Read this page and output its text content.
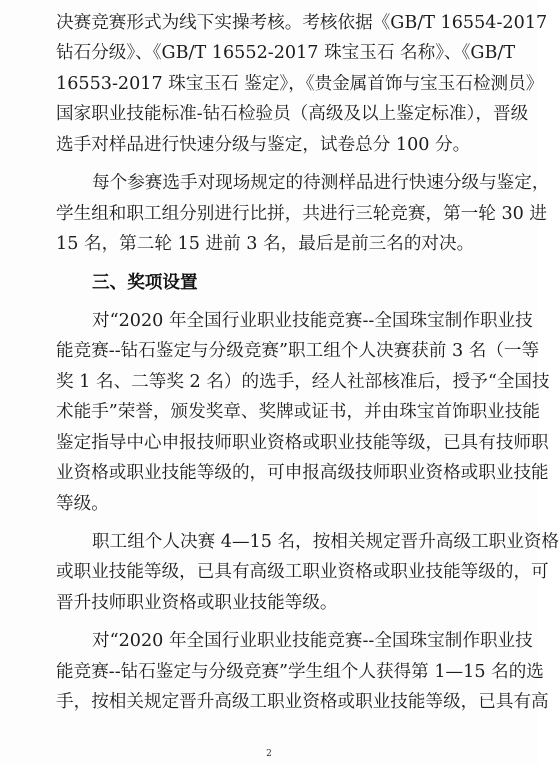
决赛竞赛形式为线下实操考核。考核依据《GB/T 16554-2017
钻石分级》、《GB/T 16552-2017 珠宝玉石 名称》、《GB/T
16553-2017 珠宝玉石 鉴定》，《贵金属首饰与宝玉石检测员》
国家职业技能标准-钻石检验员（高级及以上鉴定标准），晋级
选手对样品进行快速分级与鉴定，试卷总分 100 分。
每个参赛选手对现场规定的待测样品进行快速分级与鉴定，
学生组和职工组分别进行比拼，共进行三轮竞赛，第一轮 30 进
15 名，第二轮 15 进前 3 名，最后是前三名的对决。
三、奖项设置
对“2020 年全国行业职业技能竞赛--全国珠宝制作职业技
能竞赛--钻石鉴定与分级竞赛”职工组个人决赛获前 3 名（一等
奖 1 名、二等奖 2 名）的选手，经人社部核准后，授予“全国技
术能手”荣誉，颁发奖章、奖牌或证书，并由珠宝首饰职业技能
鉴定指导中心申报技师职业资格或职业技能等级，已具有技师职
业资格或职业技能等级的，可申报高级技师职业资格或职业技能
等级。
职工组个人决赛 4—15 名，按相关规定晋升高级工职业资格
或职业技能等级，已具有高级工职业资格或职业技能等级的，可
晋升技师职业资格或职业技能等级。
对“2020 年全国行业职业技能竞赛--全国珠宝制作职业技
能竞赛--钻石鉴定与分级竞赛”学生组个人获得第 1—15 名的选
手，按相关规定晋升高级工职业资格或职业技能等级，已具有高
2
